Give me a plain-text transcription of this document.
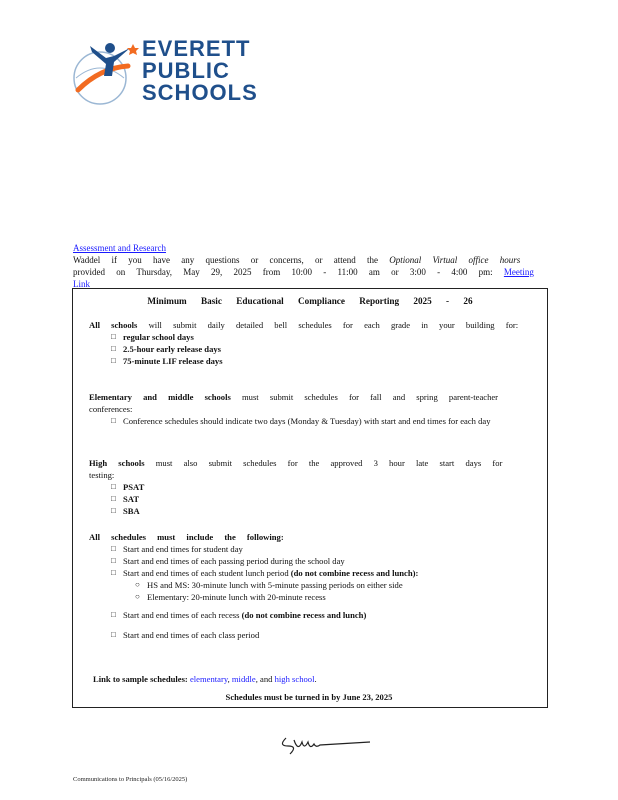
EVERETT
PUBLIC
SCHOOLS
Assessment and Research
Waddel if you have any questions or concerns, or attend the Optional Virtual office hours
provided on Thursday, May 29, 2025 from 10:00 - 11:00 am or 3:00 - 4:00 pm: Meeting Link
Minimum Basic Educational Compliance Reporting 2025 - 26
All schools will submit daily detailed bell schedules for each grade in your building for:
□ regular school days
□ 2.5-hour early release days
□ 75-minute LIF release days
Elementary and middle schools must submit schedules for fall and spring parent-teacher conferences:
□ Conference schedules should indicate two days (Monday & Tuesday) with start and end times for each day
High schools must also submit schedules for the approved 3 hour late start days for testing:
□ PSAT
□ SAT
□ SBA
All schedules must include the following:
□ Start and end times for student day
□ Start and end times of each passing period during the school day
□ Start and end times of each student lunch period (do not combine recess and lunch):
○ HS and MS: 30-minute lunch with 5-minute passing periods on either side
○ Elementary: 20-minute lunch with 20-minute recess
□ Start and end times of each recess (do not combine recess and lunch)
□ Start and end times of each class period
Link to sample schedules: elementary, middle, and high school.
Schedules must be turned in by June 23, 2025
Communications to Principals (05/16/2025)
